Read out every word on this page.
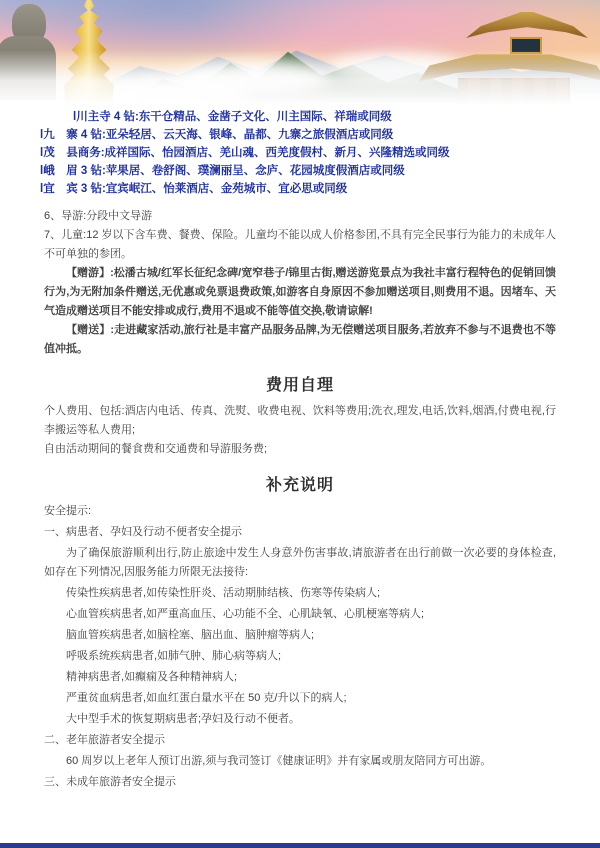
l川主寺 4 钻:东干仓精品、金凿子文化、川主国际、祥瑞或同级
l九　寨 4 钻:亚朵轻居、云天海、银峰、晶都、九寨之旅假酒店或同级
l茂　县商务:成祥国际、怡园酒店、羌山魂、西羌度假村、新月、兴隆精选或同级
l峨　眉 3 钻:苹果居、卷舒阁、璞澜丽呈、念庐、花园城度假酒店或同级
l宜　宾 3 钻:宜宾岷江、怡莱酒店、金苑城市、宜必思或同级

6、导游:分段中文导游

7、儿童:12 岁以下含车费、餐费、保险。儿童均不能以成人价格参团,不具有完全民事行为能力的未成年人不可单独的参团。

【赠游】:松潘古城/红军长征纪念碑/宽窄巷子/锦里古街,赠送游览景点为我社丰富行程特色的促销回馈行为,为无附加条件赠送,无优惠或免票退费政策,如游客自身原因不参加赠送项目,则费用不退。因堵车、天气造成赠送项目不能安排或成行,费用不退或不能等值交换,敬请谅解!

【赠送】:走进藏家活动,旅行社是丰富产品服务品牌,为无偿赠送项目服务,若放弃不参与不退费也不等值冲抵。

费用自理

个人费用、包括:酒店内电话、传真、洗熨、收费电视、饮料等费用;洗衣,理发,电话,饮料,烟酒,付费电视,行李搬运等私人费用;

自由活动期间的餐食费和交通费和导游服务费;

补充说明

安全提示:

一、病患者、孕妇及行动不便者安全提示

为了确保旅游顺利出行,防止旅途中发生人身意外伤害事故,请旅游者在出行前做一次必要的身体检查,如存在下列情况,因服务能力所限无法接待:

传染性疾病患者,如传染性肝炎、活动期肺结核、伤寒等传染病人;

心血管疾病患者,如严重高血压、心功能不全、心肌缺氧、心肌梗塞等病人;

脑血管疾病患者,如脑栓塞、脑出血、脑肿瘤等病人;

呼吸系统疾病患者,如肺气肿、肺心病等病人;

精神病患者,如癫痫及各种精神病人;

严重贫血病患者,如血红蛋白量水平在 50 克/升以下的病人;

大中型手术的恢复期病患者;孕妇及行动不便者。

二、老年旅游者安全提示

60 周岁以上老年人预订出游,须与我司签订《健康证明》并有家属或朋友陪同方可出游。

三、未成年旅游者安全提示
